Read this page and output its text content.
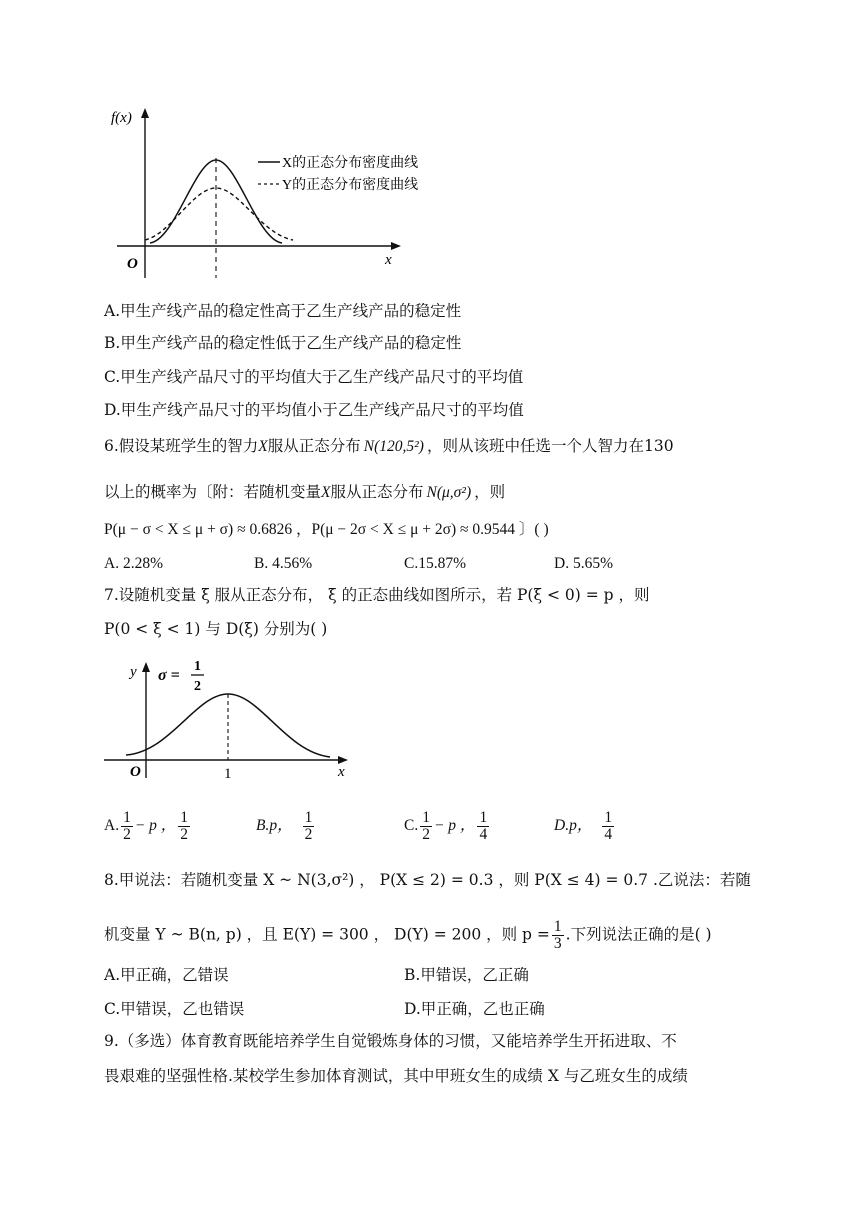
f(x)
x
O
X的正态分布密度曲线
Y的正态分布密度曲线
A.甲生产线产品的稳定性高于乙生产线产品的稳定性
B.甲生产线产品的稳定性低于乙生产线产品的稳定性
C.甲生产线产品尺寸的平均值大于乙生产线产品尺寸的平均值
D.甲生产线产品尺寸的平均值小于乙生产线产品尺寸的平均值
6.假设某班学生的智力X服从正态分布 N(120,5²) ，则从该班中任选一个人智力在130
以上的概率为〔附：若随机变量X服从正态分布 N(μ,σ²) ，则
P(μ − σ < X ≤ μ + σ) ≈ 0.6826 ，P(μ − 2σ < X ≤ μ + 2σ) ≈ 0.9544 〕( )
A. 2.28%	B. 4.56%	C.15.87%	D. 5.65%
7.设随机变量 ξ 服从正态分布， ξ 的正态曲线如图所示，若 P(ξ < 0) = p ，则
P(0 < ξ < 1) 与 D(ξ) 分别为( )
y
x
O	1
σ =
1
2
A. $\frac{1}{2} - p$ ， $\frac{1}{2}$	B.p， $\frac{1}{2}$	C. $\frac{1}{2} - p$ ， $\frac{1}{4}$	D.p， $\frac{1}{4}$
8.甲说法：若随机变量 X ~ N(3,σ²) ， P(X ≤ 2) = 0.3 ，则 P(X ≤ 4) = 0.7 .乙说法：若随
机变量 Y ~ B(n, p) ，且 E(Y) = 300 ， D(Y) = 200 ，则 $p = \frac{1}{3}$ .下列说法正确的是( )
A.甲正确，乙错误	B.甲错误，乙正确
C.甲错误，乙也错误	D.甲正确，乙也正确
9.（多选）体育教育既能培养学生自觉锻炼身体的习惯，又能培养学生开拓进取、不
畏艰难的坚强性格.某校学生参加体育测试，其中甲班女生的成绩 X 与乙班女生的成绩
